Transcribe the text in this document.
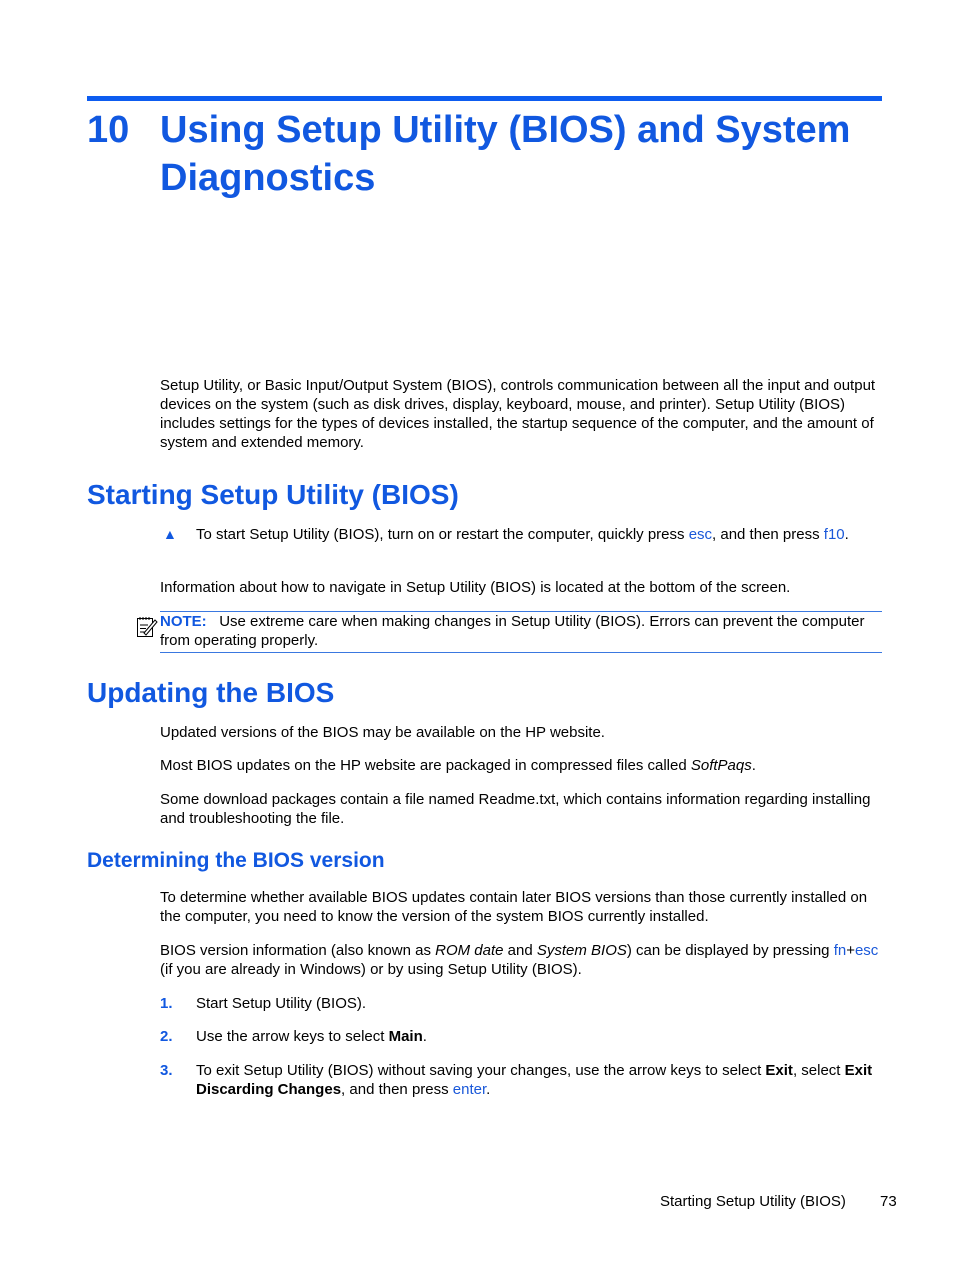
10 Using Setup Utility (BIOS) and System Diagnostics

Setup Utility, or Basic Input/Output System (BIOS), controls communication between all the input and output devices on the system (such as disk drives, display, keyboard, mouse, and printer). Setup Utility (BIOS) includes settings for the types of devices installed, the startup sequence of the computer, and the amount of system and extended memory.

Starting Setup Utility (BIOS)
▲ To start Setup Utility (BIOS), turn on or restart the computer, quickly press esc, and then press f10.

Information about how to navigate in Setup Utility (BIOS) is located at the bottom of the screen.

NOTE: Use extreme care when making changes in Setup Utility (BIOS). Errors can prevent the computer from operating properly.

Updating the BIOS

Updated versions of the BIOS may be available on the HP website.

Most BIOS updates on the HP website are packaged in compressed files called SoftPaqs.

Some download packages contain a file named Readme.txt, which contains information regarding installing and troubleshooting the file.

Determining the BIOS version

To determine whether available BIOS updates contain later BIOS versions than those currently installed on the computer, you need to know the version of the system BIOS currently installed.

BIOS version information (also known as ROM date and System BIOS) can be displayed by pressing fn+esc (if you are already in Windows) or by using Setup Utility (BIOS).

1. Start Setup Utility (BIOS).

2. Use the arrow keys to select Main.

3. To exit Setup Utility (BIOS) without saving your changes, use the arrow keys to select Exit, select Exit Discarding Changes, and then press enter.

Starting Setup Utility (BIOS) 73
